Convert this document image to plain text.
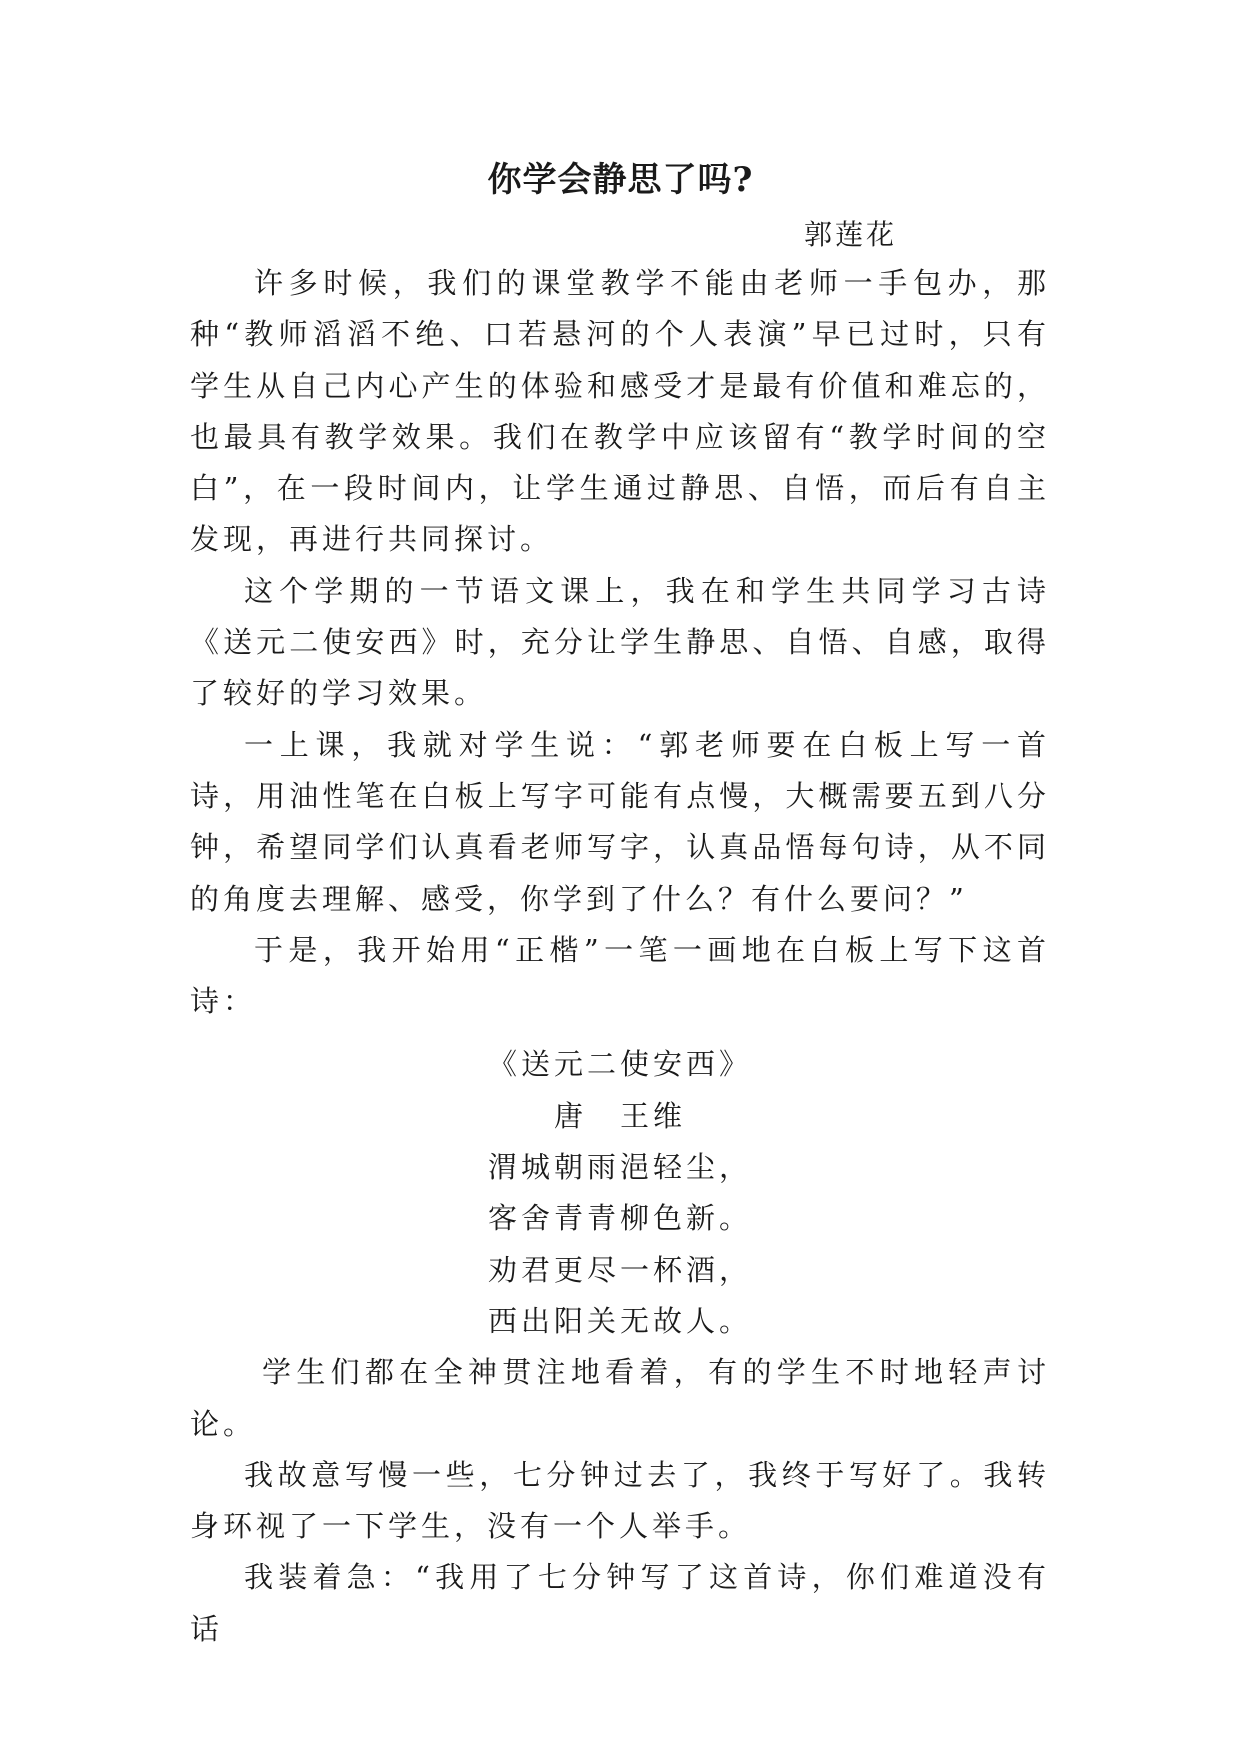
你学会静思了吗?
郭莲花

许多时候，我们的课堂教学不能由老师一手包办，那种“教师滔滔不绝、口若悬河的个人表演”早已过时，只有学生从自己内心产生的体验和感受才是最有价值和难忘的，也最具有教学效果。我们在教学中应该留有“教学时间的空白”，在一段时间内，让学生通过静思、自悟，而后有自主发现，再进行共同探讨。

这个学期的一节语文课上，我在和学生共同学习古诗《送元二使安西》时，充分让学生静思、自悟、自感，取得了较好的学习效果。

一上课，我就对学生说：“郭老师要在白板上写一首诗，用油性笔在白板上写字可能有点慢，大概需要五到八分钟，希望同学们认真看老师写字，认真品悟每句诗，从不同的角度去理解、感受，你学到了什么？有什么要问？”

于是，我开始用“正楷”一笔一画地在白板上写下这首诗：

《送元二使安西》

唐　王维

渭城朝雨浥轻尘，

客舍青青柳色新。

劝君更尽一杯酒，

西出阳关无故人。

学生们都在全神贯注地看着，有的学生不时地轻声讨论。

我故意写慢一些，七分钟过去了，我终于写好了。我转身环视了一下学生，没有一个人举手。

我装着急：“我用了七分钟写了这首诗，你们难道没有话
